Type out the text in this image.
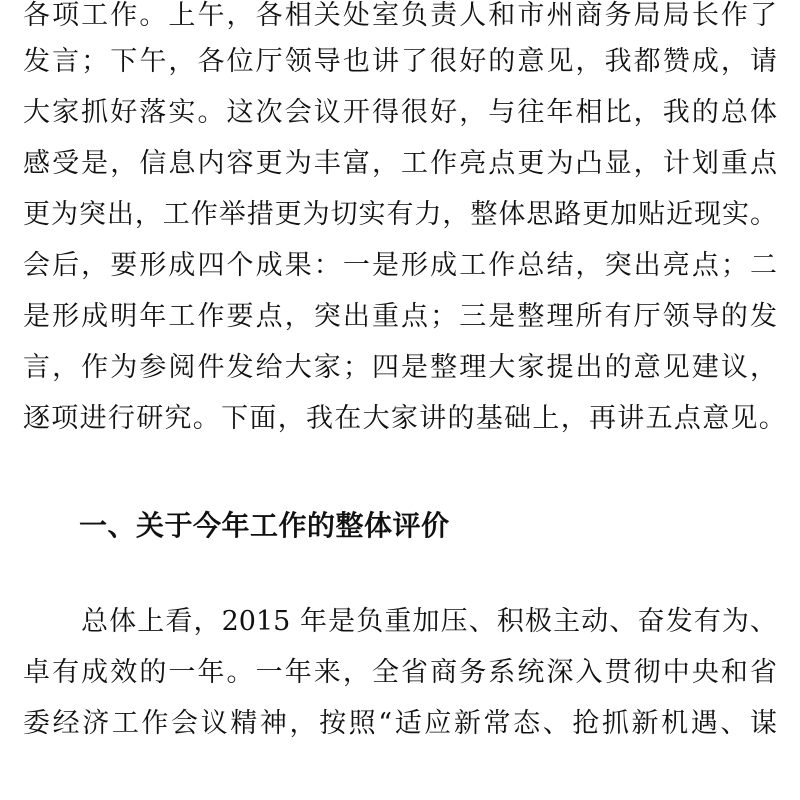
各项工作。上午，各相关处室负责人和市州商务局局长作了
发言；下午，各位厅领导也讲了很好的意见，我都赞成，请
大家抓好落实。这次会议开得很好，与往年相比，我的总体
感受是，信息内容更为丰富，工作亮点更为凸显，计划重点
更为突出，工作举措更为切实有力，整体思路更加贴近现实。
会后，要形成四个成果：一是形成工作总结，突出亮点；二
是形成明年工作要点，突出重点；三是整理所有厅领导的发
言，作为参阅件发给大家；四是整理大家提出的意见建议，
逐项进行研究。下面，我在大家讲的基础上，再讲五点意见。
一、关于今年工作的整体评价
总体上看，2015 年是负重加压、积极主动、奋发有为、
卓有成效的一年。一年来，全省商务系统深入贯彻中央和省
委经济工作会议精神，按照“适应新常态、抢抓新机遇、谋
